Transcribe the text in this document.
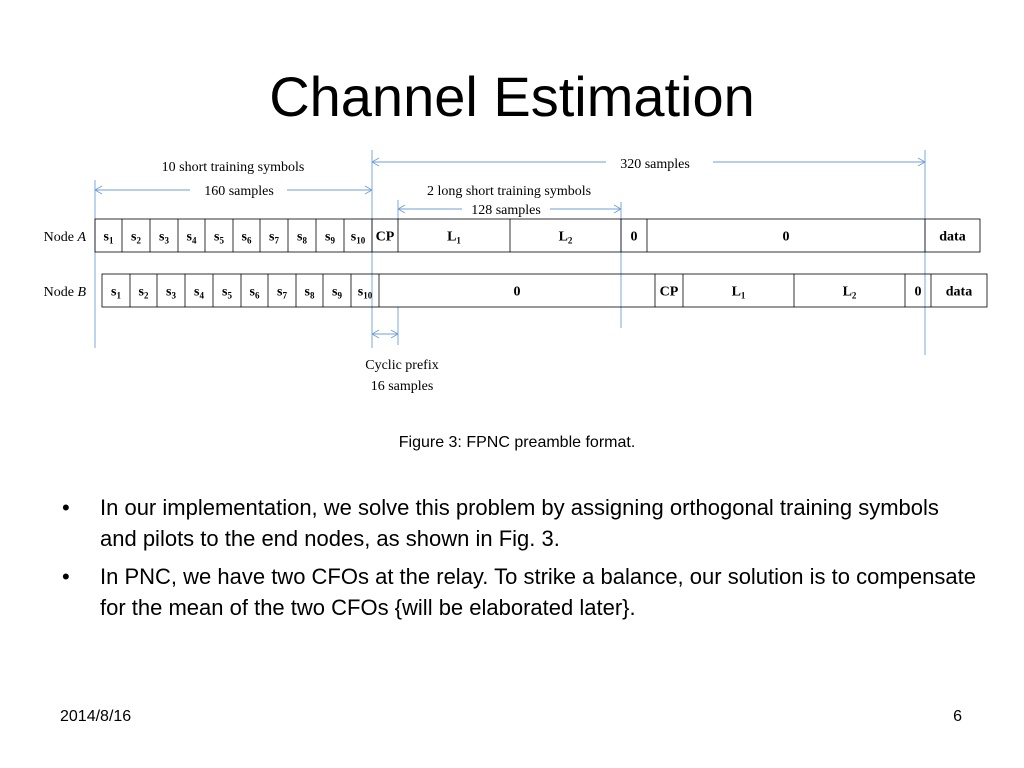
Channel Estimation
Node A $s_1$ $s_2$ $s_3$ $s_4$ $s_5$ $s_6$ $s_7$ $s_8$ $s_9$ $s_{10}$ CP	$L_1$	$L_2$	0	0	data
Node B $s_1$ $s_2$ $s_3$ $s_4$ $s_5$ $s_6$ $s_7$ $s_8$ $s_9$ $s_{10}$	0	CP	$L_1$	$L_2$	0 data
10 short training symbols
160 samples
320 samples
2 long short training symbols
128 samples
Cyclic prefix
16 samples
Figure 3: FPNC preamble format.
• In our implementation, we solve this problem by assigning orthogonal training symbols and pilots to the end nodes, as shown in Fig. 3.
• In PNC, we have two CFOs at the relay. To strike a balance, our solution is to compensate for the mean of the two CFOs {will be elaborated later}.
2014/8/16	6
